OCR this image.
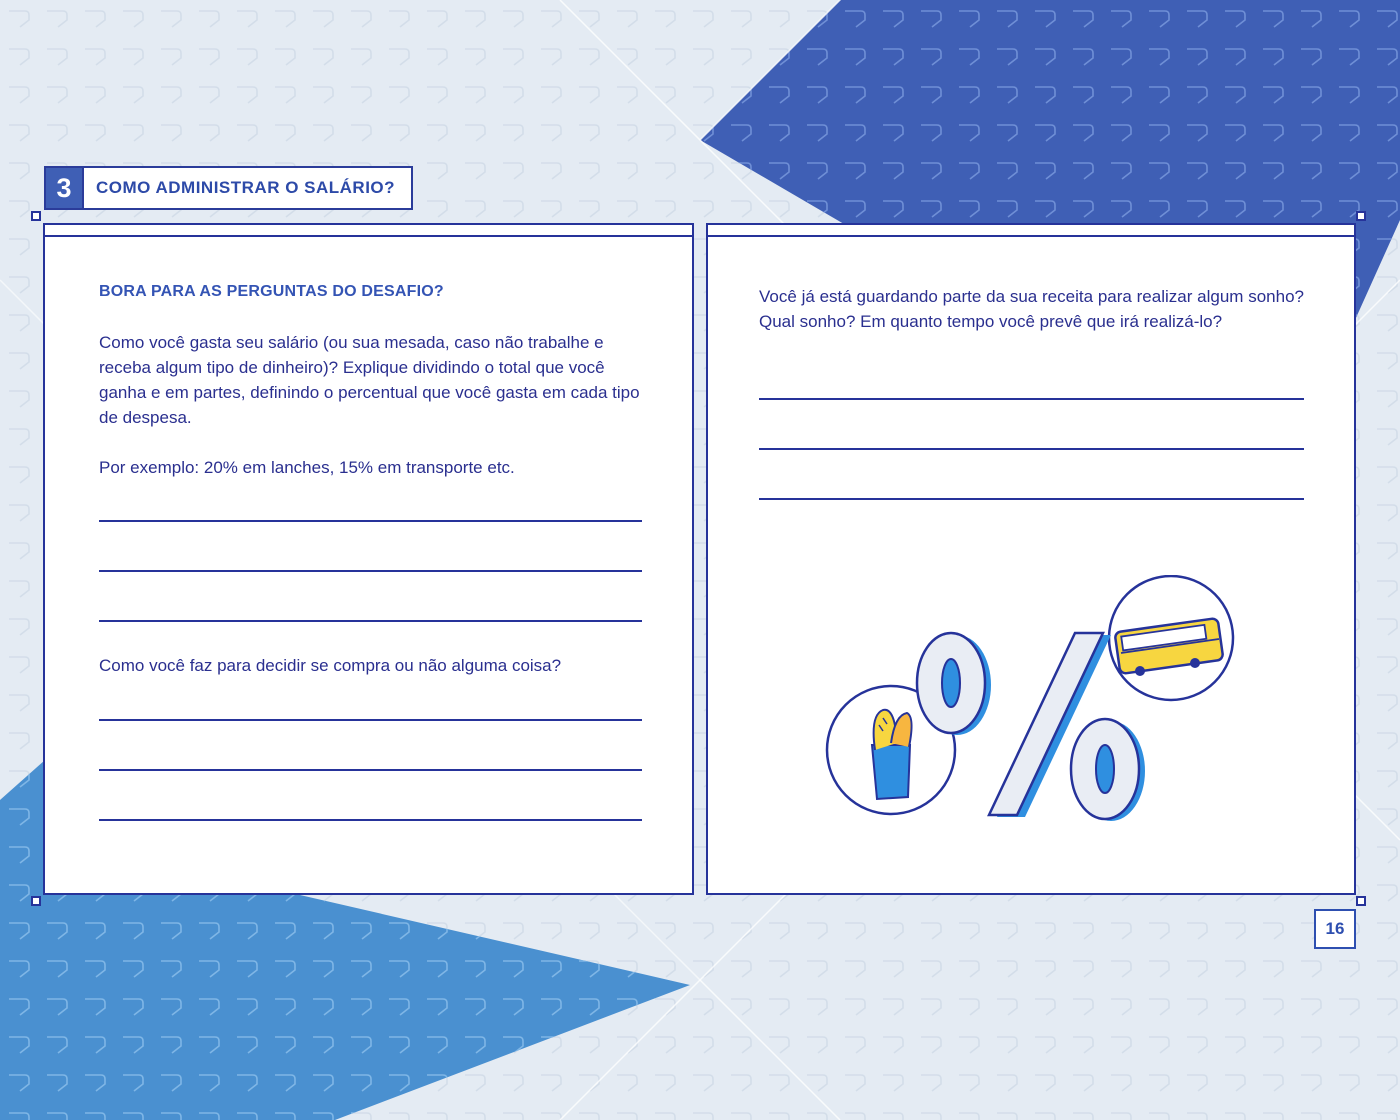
3	COMO ADMINISTRAR O SALÁRIO?
BORA PARA AS PERGUNTAS DO DESAFIO?

Como você gasta seu salário (ou sua mesada, caso não trabalhe e receba algum tipo de dinheiro)? Explique dividindo o total que você ganha e em partes, definindo o percentual que você gasta em cada tipo de despesa.

Por exemplo: 20% em lanches, 15% em transporte etc.

Como você faz para decidir se compra ou não alguma coisa?

Você já está guardando parte da sua receita para realizar algum sonho? Qual sonho? Em quanto tempo você prevê que irá realizá-lo?

16
